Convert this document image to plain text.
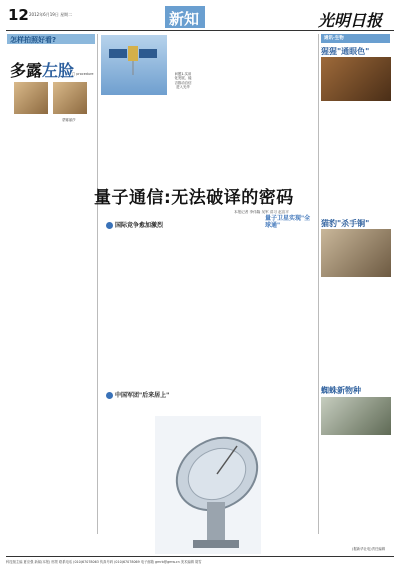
12 2012年6月19日 星期二	新知	光明日报
怎样拍照好看?
多露左脸
□ procedure
蒙娜丽莎
问题1.实用
化发展，能
否推动自信
进入光华
量子通信:无法破译的密码
本报记者 李伟隆 吴军 讲习 赵宣平
国际竞争愈加激烈
量子卫星实现"全球通"
中国军团"后来居上"
通讯·生物
猩猩"通眼色"
猫豹"杀手锏"
蜘蛛新物种
(据新华社电)责任编辑
科技版主编 夏应强 新闻(本报) 邢景 联系电话 (010)67078063 传真号码 (010)67078069 电子邮箱 gmrb@gmw.cn 美术编辑 胡雪
